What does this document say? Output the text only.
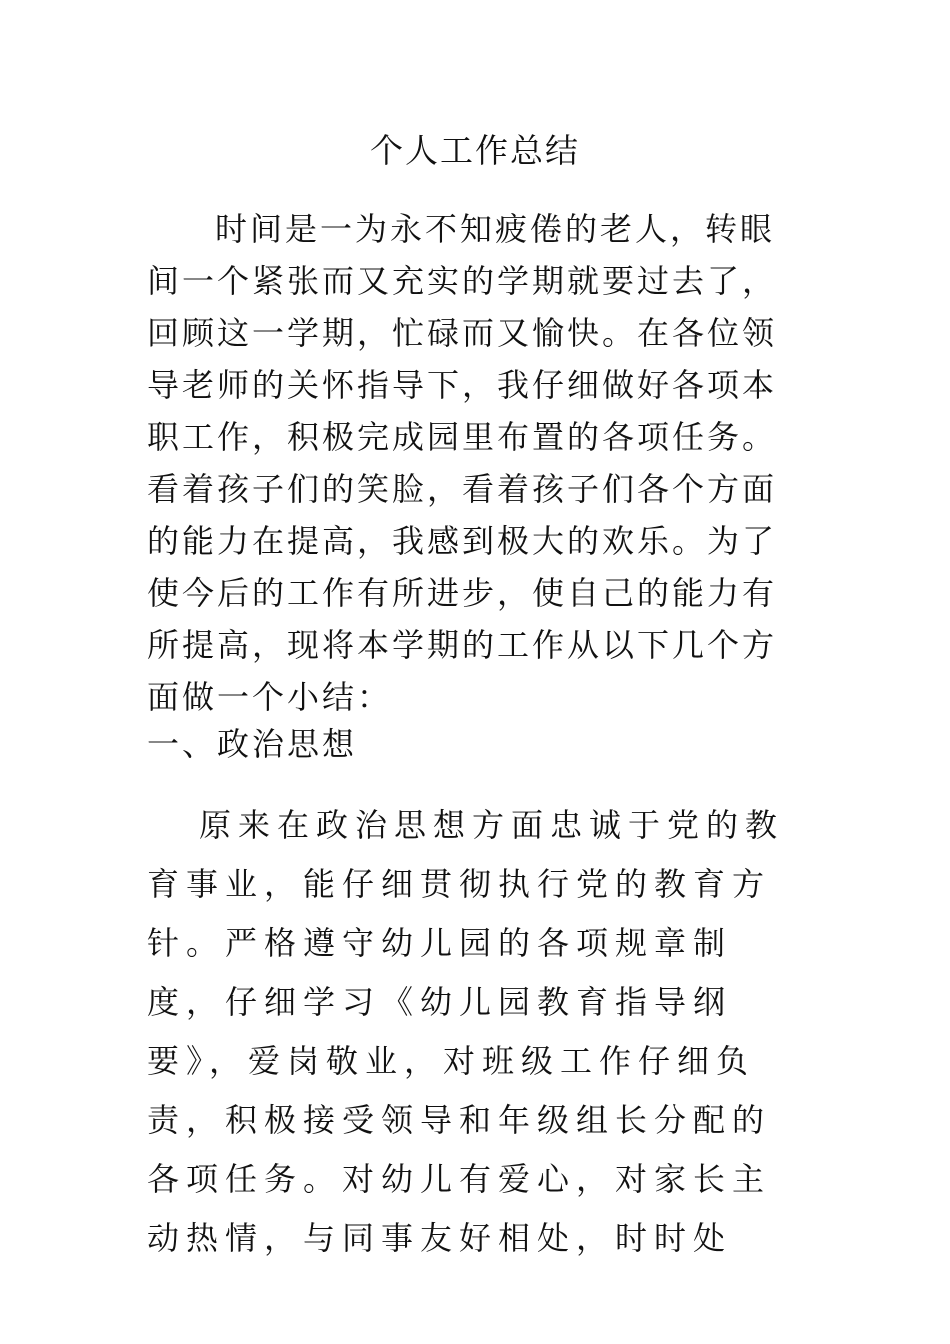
个人工作总结

时间是一为永不知疲倦的老人，转眼间一个紧张而又充实的学期就要过去了，回顾这一学期，忙碌而又愉快。在各位领导老师的关怀指导下，我仔细做好各项本职工作，积极完成园里布置的各项任务。看着孩子们的笑脸，看着孩子们各个方面的能力在提高，我感到极大的欢乐。为了使今后的工作有所进步，使自己的能力有所提高，现将本学期的工作从以下几个方面做一个小结：

一、政治思想

原来在政治思想方面忠诚于党的教育事业，能仔细贯彻执行党的教育方针。严格遵守幼儿园的各项规章制度，仔细学习《幼儿园教育指导纲要》，爱岗敬业，对班级工作仔细负责，积极接受领导和年级组长分配的各项任务。对幼儿有爱心，对家长主动热情，与同事友好相处，时时处
